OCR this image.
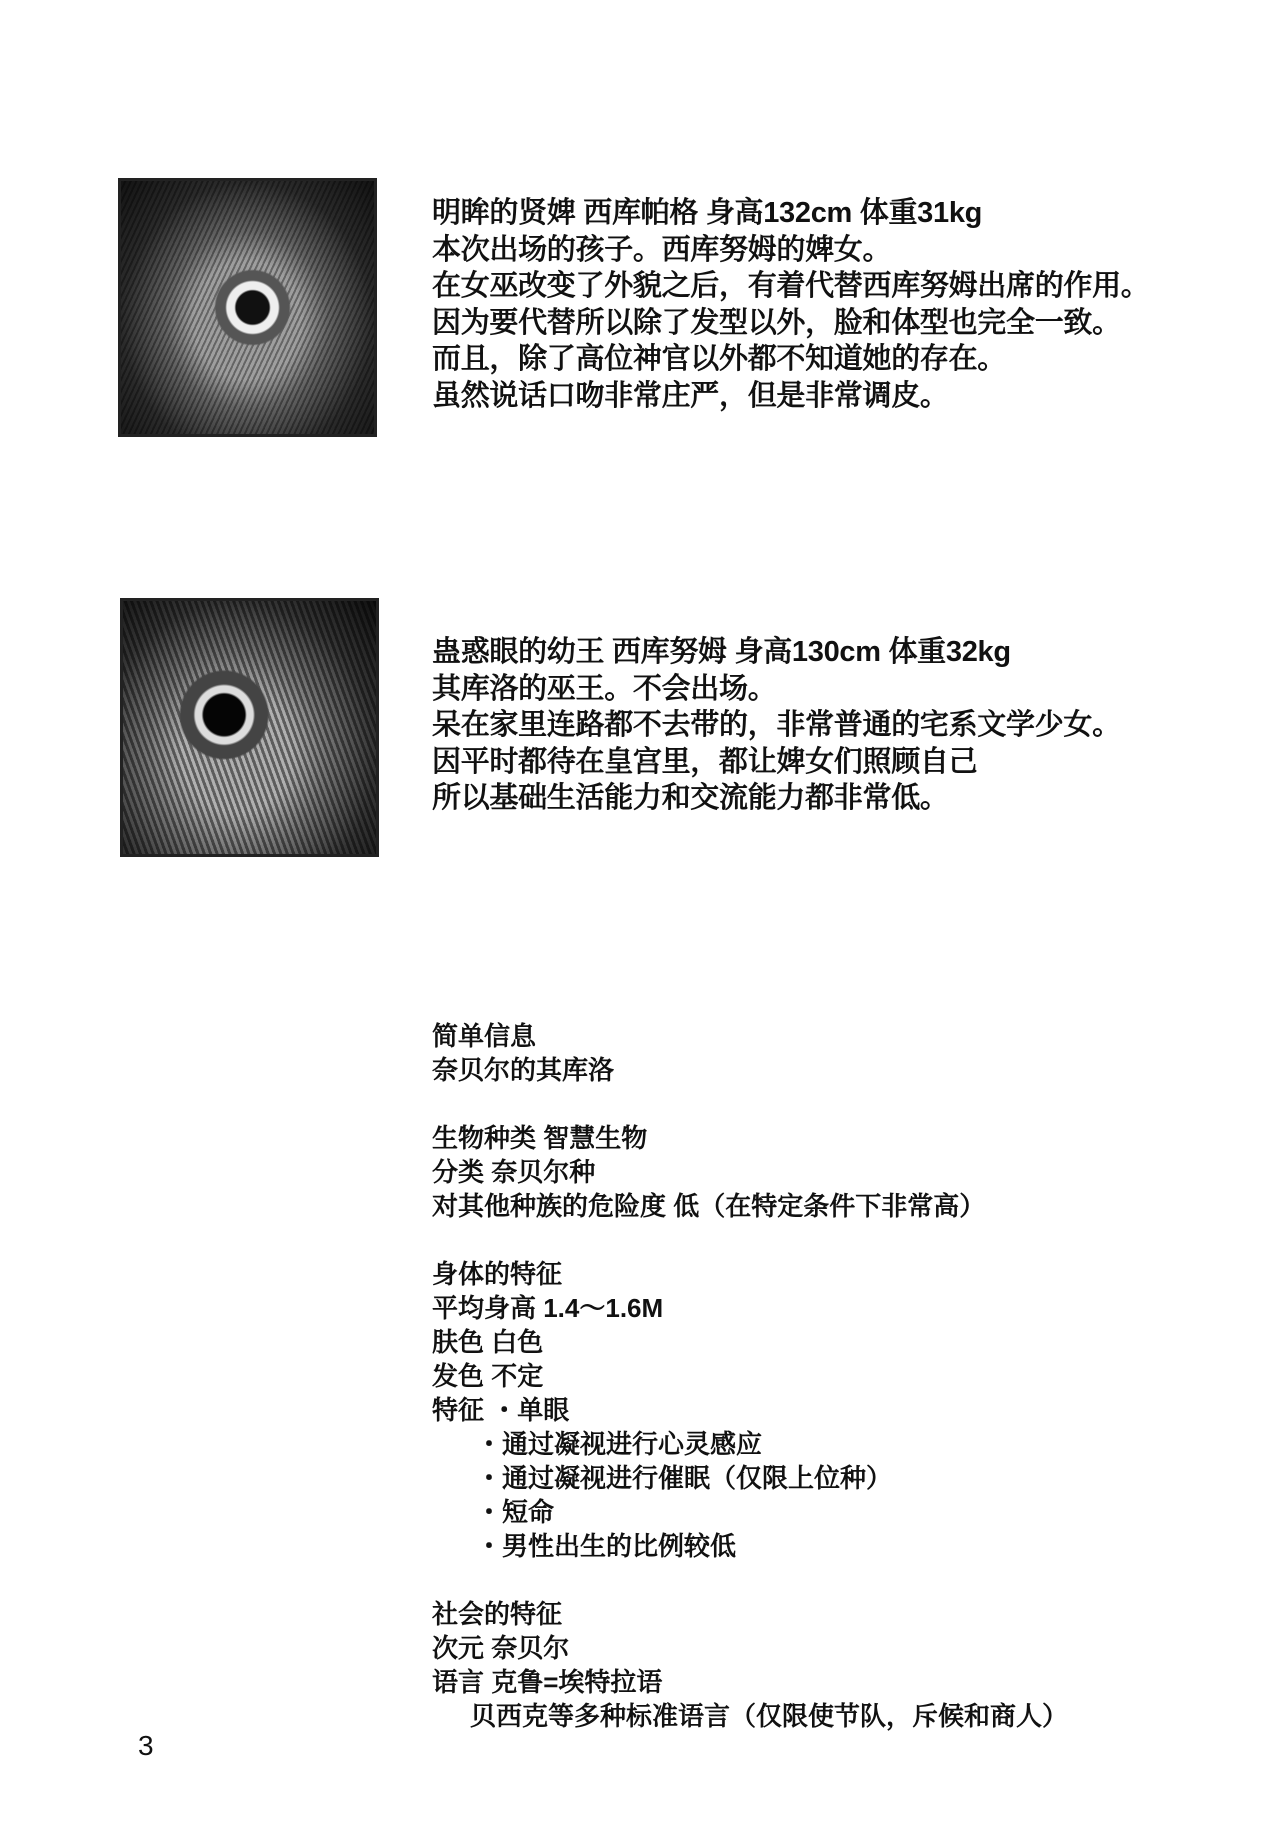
明眸的贤婢 西库帕格 身高132cm 体重31kg
本次出场的孩子。西库努姆的婢女。
在女巫改变了外貌之后，有着代替西库努姆出席的作用。
因为要代替所以除了发型以外，脸和体型也完全一致。
而且，除了高位神官以外都不知道她的存在。
虽然说话口吻非常庄严，但是非常调皮。
蛊惑眼的幼王 西库努姆 身高130cm 体重32kg
其库洛的巫王。不会出场。
呆在家里连路都不去带的，非常普通的宅系文学少女。
因平时都待在皇宫里，都让婢女们照顾自己
所以基础生活能力和交流能力都非常低。
简单信息
奈贝尔的其库洛
生物种类 智慧生物
分类 奈贝尔种
对其他种族的危险度 低（在特定条件下非常高）
身体的特征
平均身高 1.4～1.6M
肤色 白色
发色 不定
特征 ・单眼
・通过凝视进行心灵感应
・通过凝视进行催眠（仅限上位种）
・短命
・男性出生的比例较低
社会的特征
次元 奈贝尔
语言 克鲁=埃特拉语
贝西克等多种标准语言（仅限使节队，斥候和商人）
3
